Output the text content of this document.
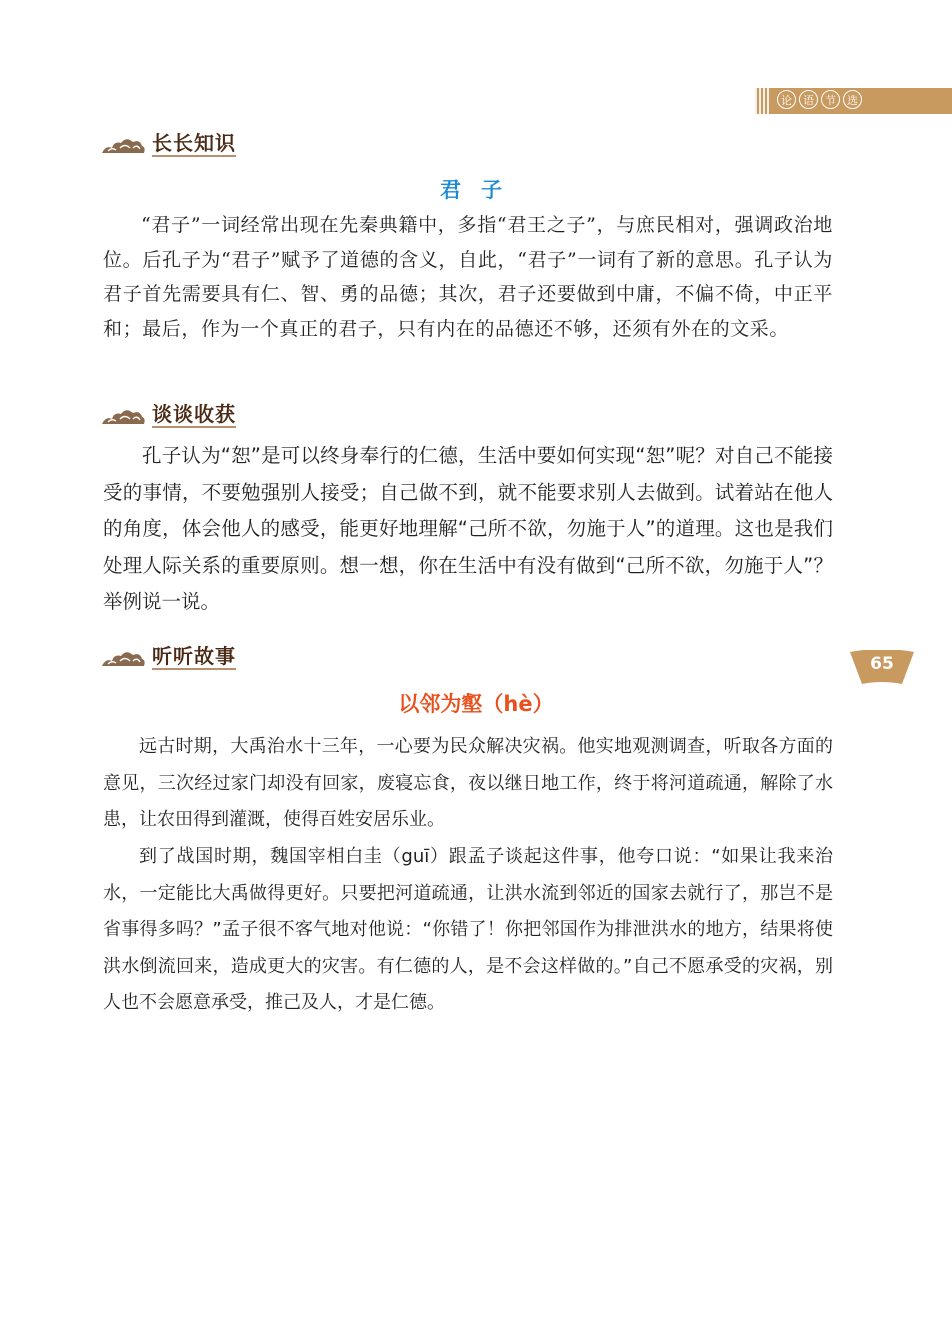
论	语	节	选
长长知识
君子

“君子”一词经常出现在先秦典籍中，多指“君王之子”，与庶民相对，强调政治地位。后孔子为“君子”赋予了道德的含义，自此，“君子”一词有了新的意思。孔子认为君子首先需要具有仁、智、勇的品德；其次，君子还要做到中庸，不偏不倚，中正平和；最后，作为一个真正的君子，只有内在的品德还不够，还须有外在的文采。

谈谈收获

孔子认为“恕”是可以终身奉行的仁德，生活中要如何实现“恕”呢？对自己不能接受的事情，不要勉强别人接受；自己做不到，就不能要求别人去做到。试着站在他人的角度，体会他人的感受，能更好地理解“己所不欲，勿施于人”的道理。这也是我们处理人际关系的重要原则。想一想，你在生活中有没有做到“己所不欲，勿施于人”？举例说一说。

听听故事
以邻为壑（hè）

远古时期，大禹治水十三年，一心要为民众解决灾祸。他实地观测调查，听取各方面的意见，三次经过家门却没有回家，废寝忘食，夜以继日地工作，终于将河道疏通，解除了水患，让农田得到灌溉，使得百姓安居乐业。

到了战国时期，魏国宰相白圭（guī）跟孟子谈起这件事，他夸口说：“如果让我来治水，一定能比大禹做得更好。只要把河道疏通，让洪水流到邻近的国家去就行了，那岂不是省事得多吗？”孟子很不客气地对他说：“你错了！你把邻国作为排泄洪水的地方，结果将使洪水倒流回来，造成更大的灾害。有仁德的人，是不会这样做的。”自己不愿承受的灾祸，别人也不会愿意承受，推己及人，才是仁德。

65
